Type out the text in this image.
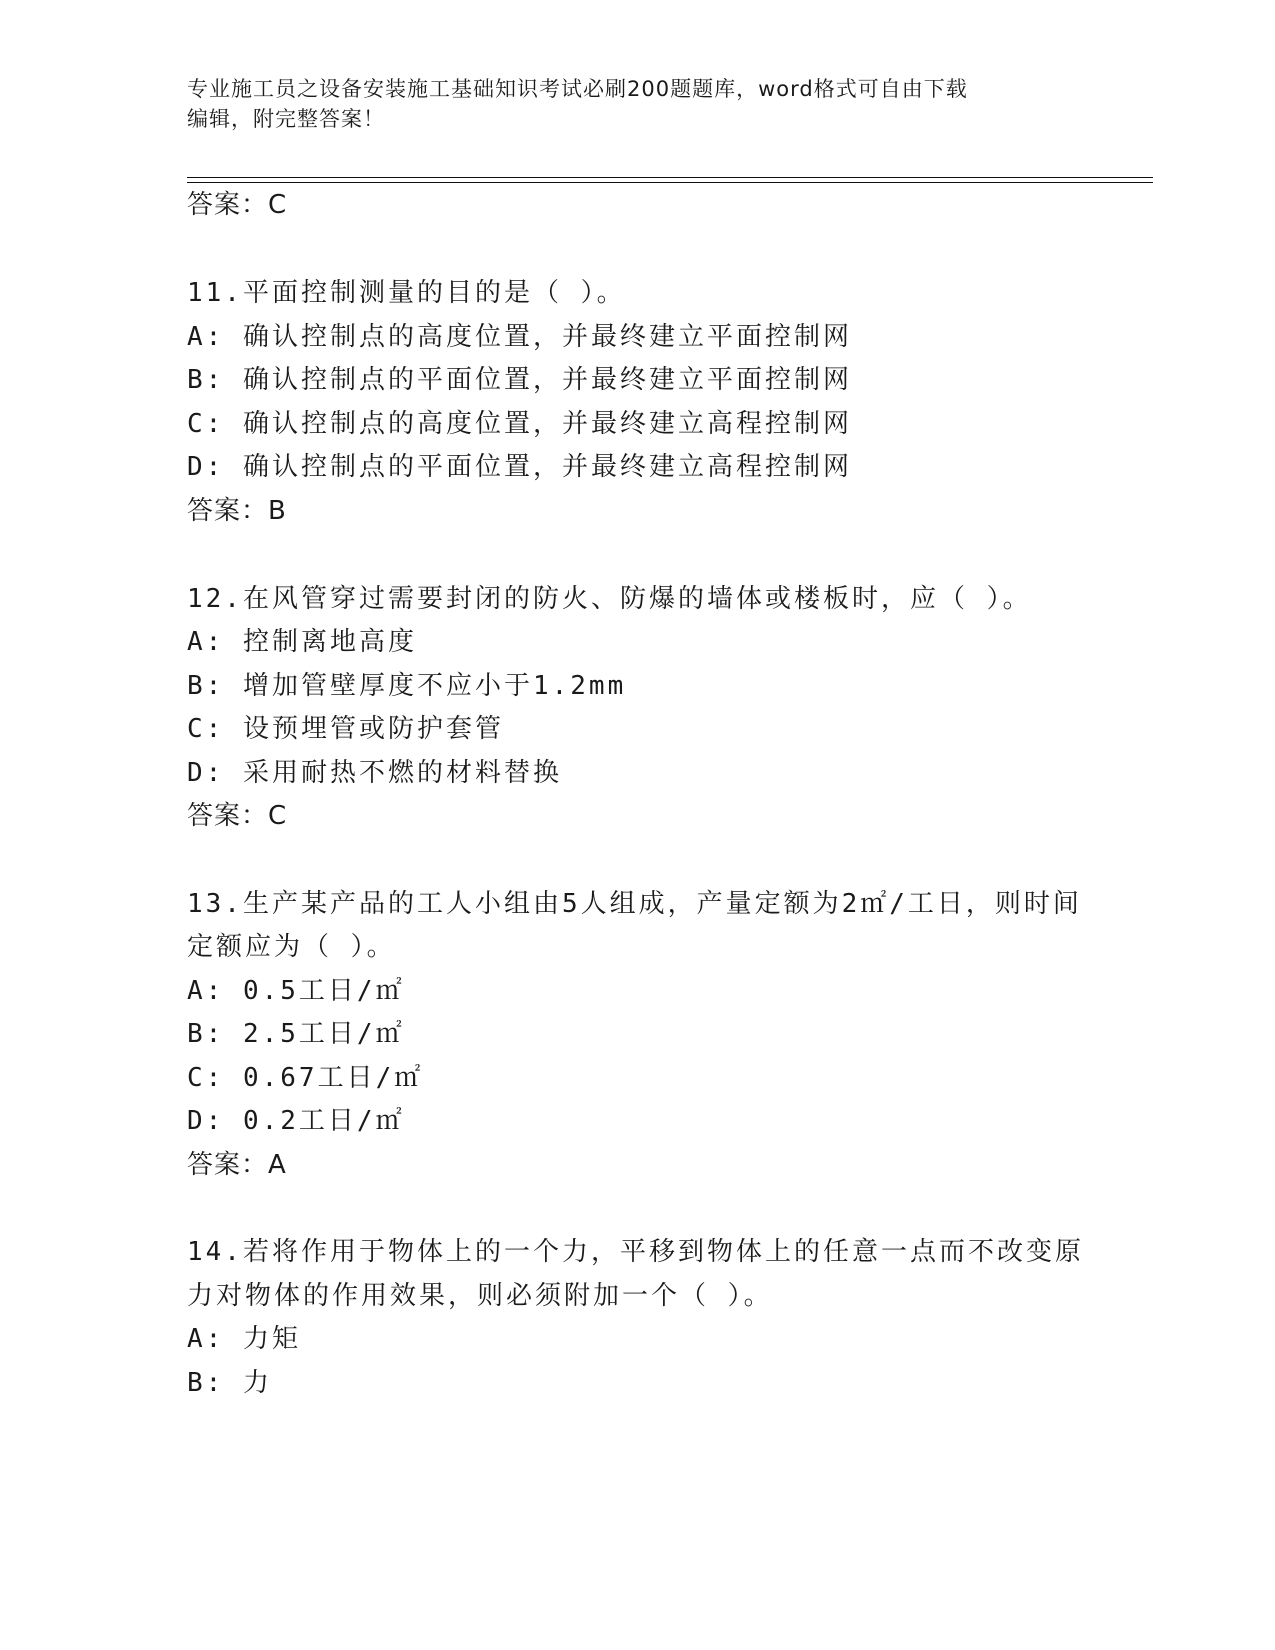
专业施工员之设备安装施工基础知识考试必刷200题题库，word格式可自由下载
编辑，附完整答案！
答案：C
11.平面控制测量的目的是（ ）。
A: 确认控制点的高度位置，并最终建立平面控制网
B: 确认控制点的平面位置，并最终建立平面控制网
C: 确认控制点的高度位置，并最终建立高程控制网
D: 确认控制点的平面位置，并最终建立高程控制网
答案：B
12.在风管穿过需要封闭的防火、防爆的墙体或楼板时，应（ ）。
A: 控制离地高度
B: 增加管壁厚度不应小于1.2mm
C: 设预埋管或防护套管
D: 采用耐热不燃的材料替换
答案：C
13.生产某产品的工人小组由5人组成，产量定额为2㎡/工日，则时间
定额应为（ ）。
A: 0.5工日/㎡
B: 2.5工日/㎡
C: 0.67工日/㎡
D: 0.2工日/㎡
答案：A
14.若将作用于物体上的一个力，平移到物体上的任意一点而不改变原
力对物体的作用效果，则必须附加一个（ ）。
A: 力矩
B: 力
